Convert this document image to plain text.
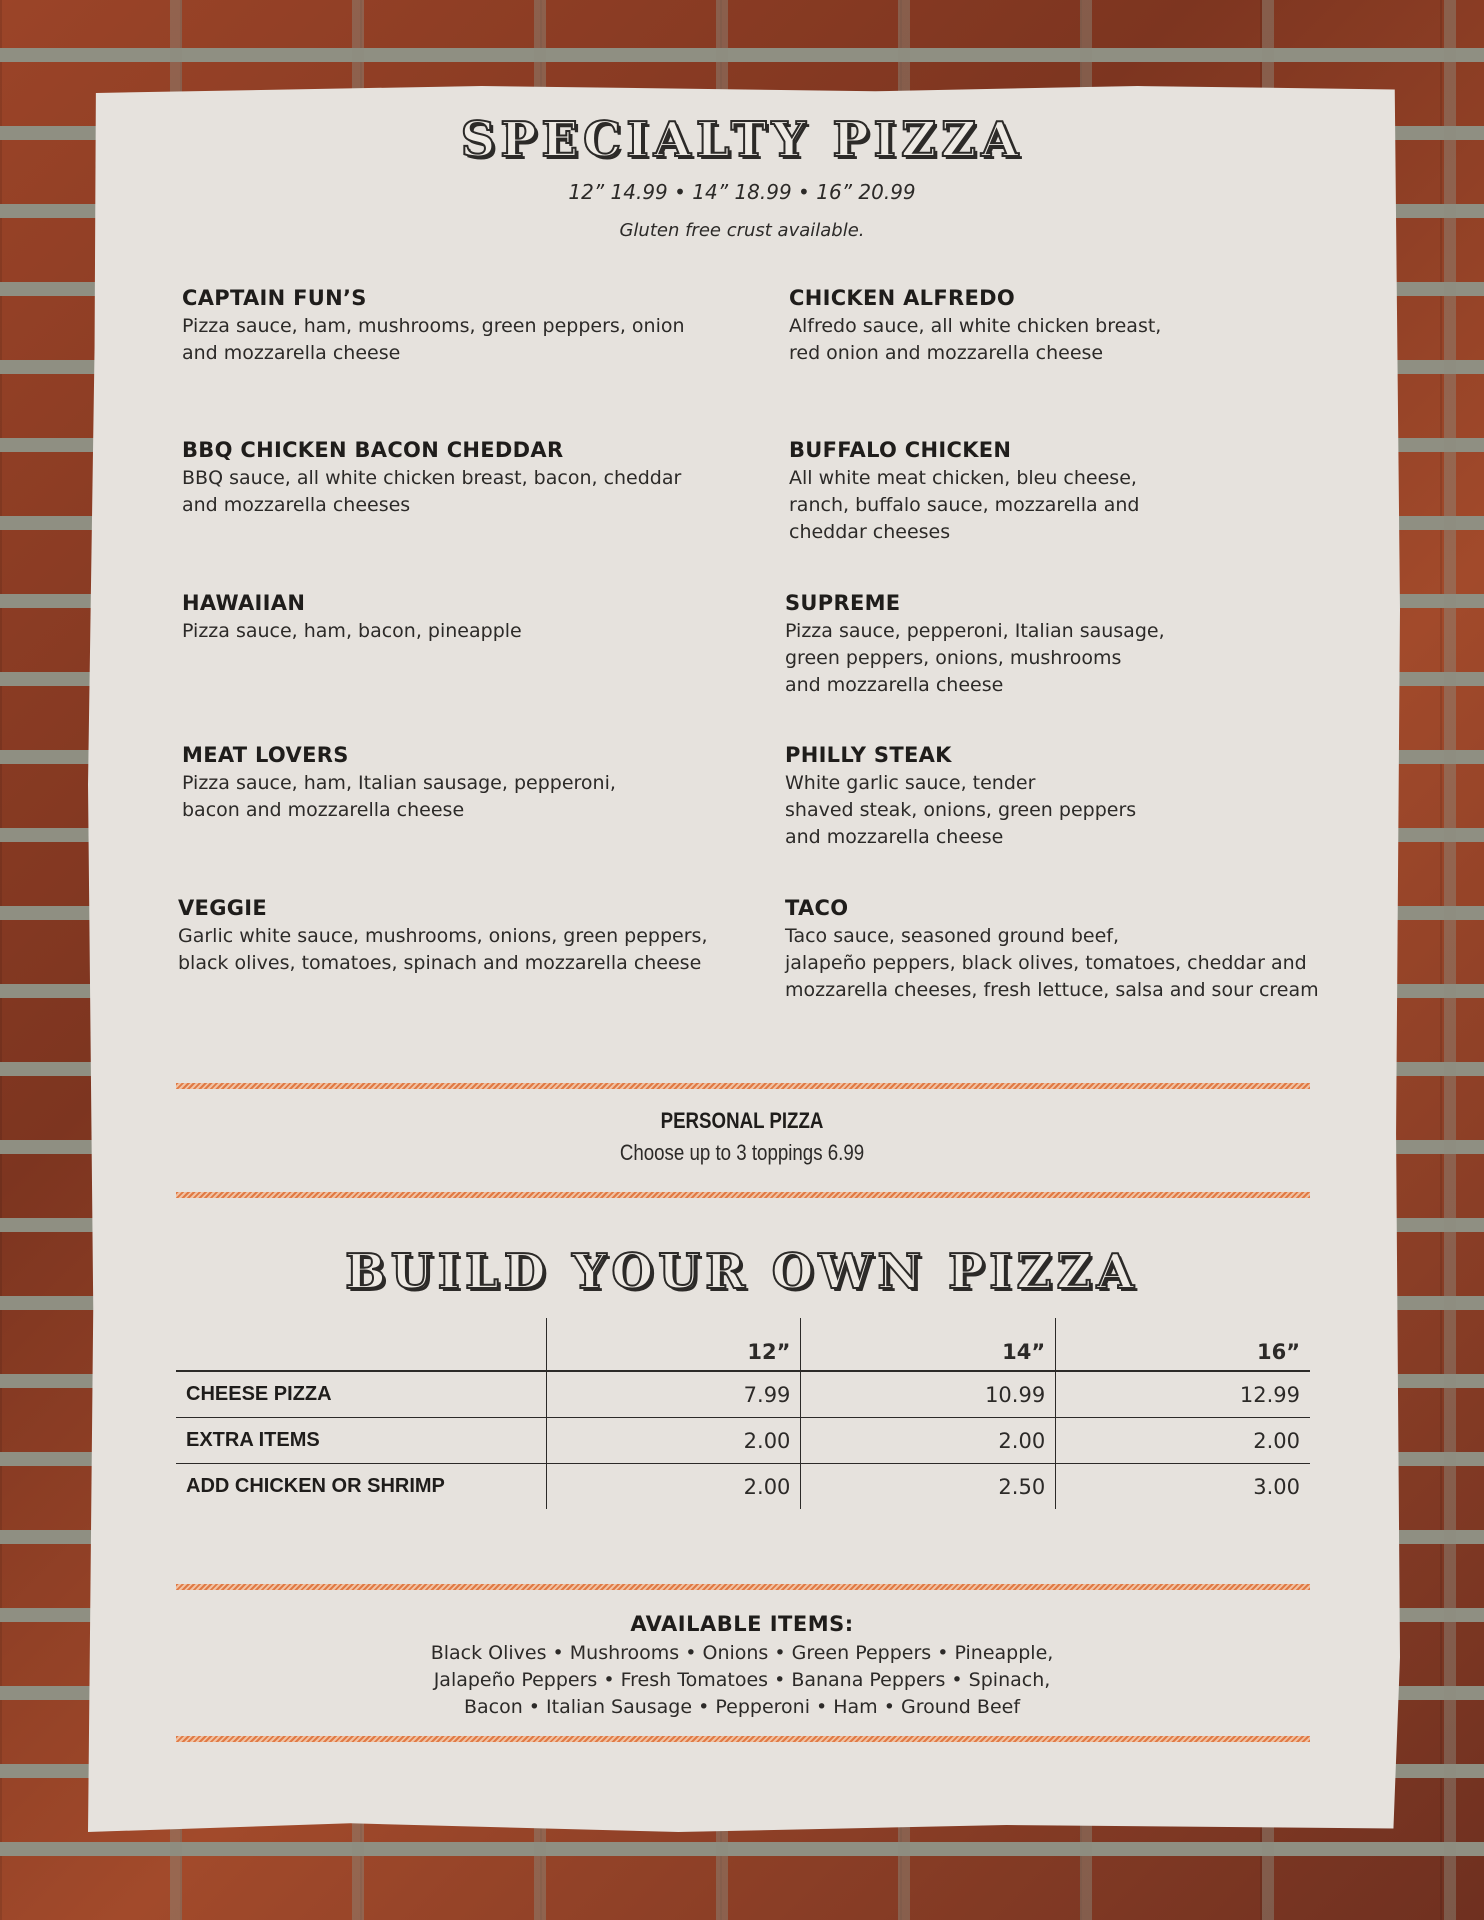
SPECIALTY PIZZA
12” 14.99 • 14” 18.99 • 16” 20.99
Gluten free crust available.
CAPTAIN FUN’S
Pizza sauce, ham, mushrooms, green peppers, onion
and mozzarella cheese
CHICKEN ALFREDO
Alfredo sauce, all white chicken breast,
red onion and mozzarella cheese
BBQ CHICKEN BACON CHEDDAR
BBQ sauce, all white chicken breast, bacon, cheddar
and mozzarella cheeses
BUFFALO CHICKEN
All white meat chicken, bleu cheese,
ranch, buffalo sauce, mozzarella and
cheddar cheeses
HAWAIIAN
Pizza sauce, ham, bacon, pineapple
SUPREME
Pizza sauce, pepperoni, Italian sausage,
green peppers, onions, mushrooms
and mozzarella cheese
MEAT LOVERS
Pizza sauce, ham, Italian sausage, pepperoni,
bacon and mozzarella cheese
PHILLY STEAK
White garlic sauce, tender
shaved steak, onions, green peppers
and mozzarella cheese
VEGGIE
Garlic white sauce, mushrooms, onions, green peppers,
black olives, tomatoes, spinach and mozzarella cheese
TACO
Taco sauce, seasoned ground beef,
jalapeño peppers, black olives, tomatoes, cheddar and
mozzarella cheeses, fresh lettuce, salsa and sour cream
PERSONAL PIZZA
Choose up to 3 toppings 6.99
BUILD YOUR OWN PIZZA
	12”	14”	16”
CHEESE PIZZA	7.99	10.99	12.99
EXTRA ITEMS	2.00	2.00	2.00
ADD CHICKEN OR SHRIMP	2.00	2.50	3.00
AVAILABLE ITEMS:
Black Olives • Mushrooms • Onions • Green Peppers • Pineapple,
Jalapeño Peppers • Fresh Tomatoes • Banana Peppers • Spinach,
Bacon • Italian Sausage • Pepperoni • Ham • Ground Beef
